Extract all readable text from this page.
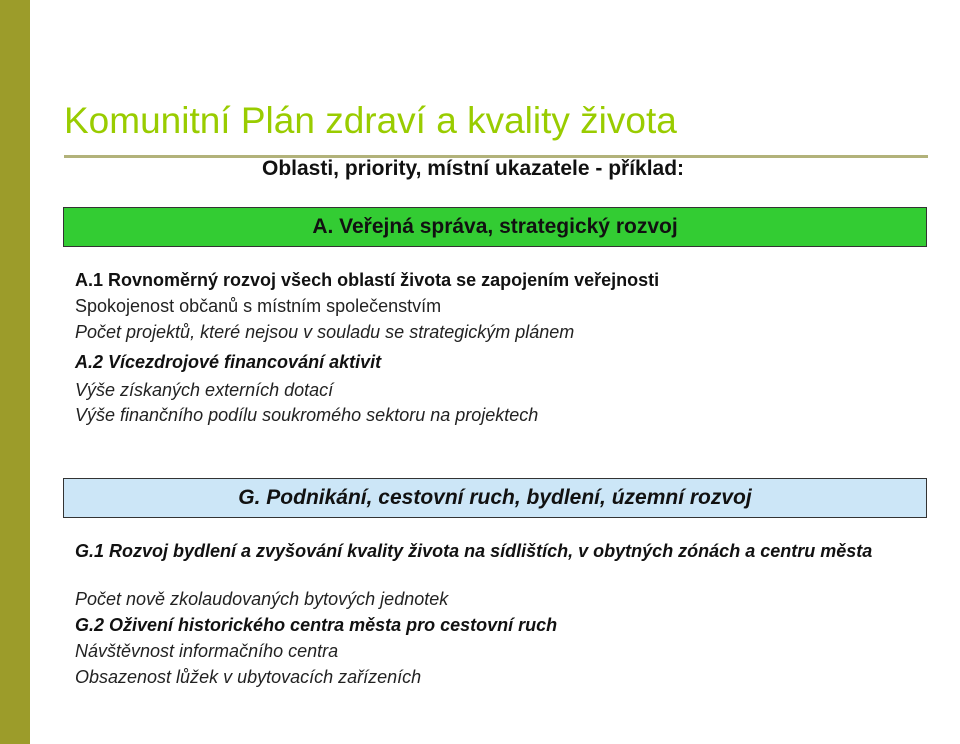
Komunitní Plán zdraví a kvality života
Oblasti, priority, místní ukazatele - příklad:
A. Veřejná správa, strategický rozvoj

A.1 Rovnoměrný rozvoj všech oblastí života se zapojením veřejnosti

Spokojenost občanů s místním společenstvím

Počet projektů, které nejsou v souladu se strategickým plánem

A.2 Vícezdrojové financování aktivit

Výše získaných externích dotací

Výše finančního podílu soukromého sektoru na projektech

G. Podnikání, cestovní ruch, bydlení, územní rozvoj

G.1 Rozvoj bydlení a zvyšování kvality života na sídlištích, v obytných zónách a centru města

Počet nově zkolaudovaných bytových jednotek

G.2 Oživení historického centra města pro cestovní ruch

Návštěvnost informačního centra

Obsazenost lůžek v ubytovacích zařízeních
